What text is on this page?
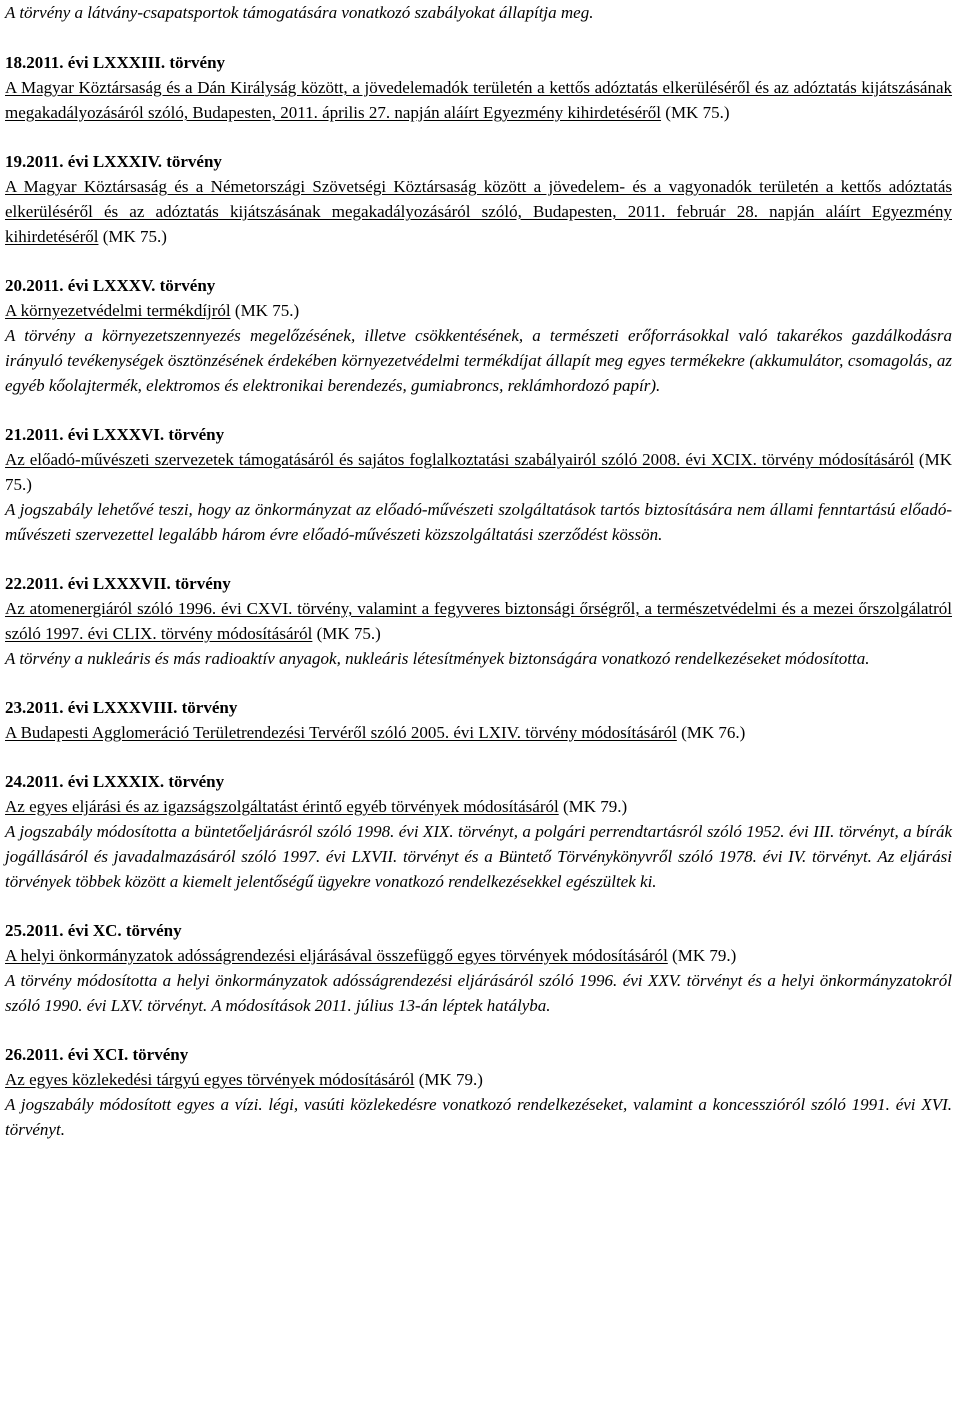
A törvény a látvány-csapatsportok támogatására vonatkozó szabályokat állapítja meg.

18.2011. évi LXXXIII. törvény

A Magyar Köztársaság és a Dán Királyság között, a jövedelemadók területén a kettős adóztatás elkerüléséről és az adóztatás kijátszásának megakadályozásáról szóló, Budapesten, 2011. április 27. napján aláírt Egyezmény kihirdetéséről (MK 75.)

19.2011. évi LXXXIV. törvény

A Magyar Köztársaság és a Németországi Szövetségi Köztársaság között a jövedelem- és a vagyonadók területén a kettős adóztatás elkerüléséről és az adóztatás kijátszásának megakadályozásáról szóló, Budapesten, 2011. február 28. napján aláírt Egyezmény kihirdetéséről (MK 75.)

20.2011. évi LXXXV. törvény

A környezetvédelmi termékdíjról (MK 75.)

A törvény a környezetszennyezés megelőzésének, illetve csökkentésének, a természeti erőforrásokkal való takarékos gazdálkodásra irányuló tevékenységek ösztönzésének érdekében környezetvédelmi termékdíjat állapít meg egyes termékekre (akkumulátor, csomagolás, az egyéb kőolajtermék, elektromos és elektronikai berendezés, gumiabroncs, reklámhordozó papír).

21.2011. évi LXXXVI. törvény

Az előadó-művészeti szervezetek támogatásáról és sajátos foglalkoztatási szabályairól szóló 2008. évi XCIX. törvény módosításáról (MK 75.)

A jogszabály lehetővé teszi, hogy az önkormányzat az előadó-művészeti szolgáltatások tartós biztosítására nem állami fenntartású előadó-művészeti szervezettel legalább három évre előadó-művészeti közszolgáltatási szerződést kössön.

22.2011. évi LXXXVII. törvény

Az atomenergiáról szóló 1996. évi CXVI. törvény, valamint a fegyveres biztonsági őrségről, a természetvédelmi és a mezei őrszolgálatról szóló 1997. évi CLIX. törvény módosításáról (MK 75.)

A törvény a nukleáris és más radioaktív anyagok, nukleáris létesítmények biztonságára vonatkozó rendelkezéseket módosította.

23.2011. évi LXXXVIII. törvény

A Budapesti Agglomeráció Területrendezési Tervéről szóló 2005. évi LXIV. törvény módosításáról (MK 76.)

24.2011. évi LXXXIX. törvény

Az egyes eljárási és az igazságszolgáltatást érintő egyéb törvények módosításáról (MK 79.)

A jogszabály módosította a büntetőeljárásról szóló 1998. évi XIX. törvényt, a polgári perrendtartásról szóló 1952. évi III. törvényt, a bírák jogállásáról és javadalmazásáról szóló 1997. évi LXVII. törvényt és a Büntető Törvénykönyvről szóló 1978. évi IV. törvényt. Az eljárási törvények többek között a kiemelt jelentőségű ügyekre vonatkozó rendelkezésekkel egészültek ki.

25.2011. évi XC. törvény

A helyi önkormányzatok adósságrendezési eljárásával összefüggő egyes törvények módosításáról (MK 79.)

A törvény módosította a helyi önkormányzatok adósságrendezési eljárásáról szóló 1996. évi XXV. törvényt és a helyi önkormányzatokról szóló 1990. évi LXV. törvényt. A módosítások 2011. július 13-án léptek hatályba.

26.2011. évi XCI. törvény

Az egyes közlekedési tárgyú egyes törvények módosításáról (MK 79.)

A jogszabály módosított egyes a vízi. légi, vasúti közlekedésre vonatkozó rendelkezéseket, valamint a koncesszióról szóló 1991. évi XVI. törvényt.
